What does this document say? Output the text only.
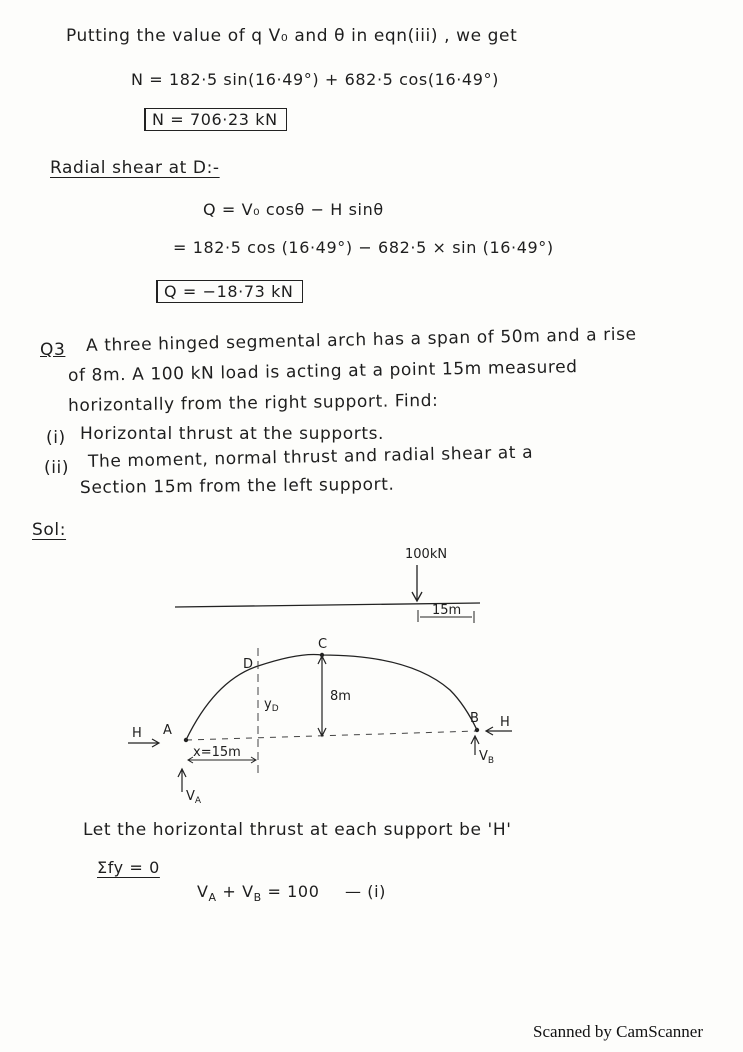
Putting the value of q V₀ and θ in eqn(iii) , we get
N = 182·5 sin(16·49°) + 682·5 cos(16·49°)
N = 706·23 kN
Radial shear at D:-
Q = V₀ cosθ − H sinθ
= 182·5 cos (16·49°) − 682·5 × sin (16·49°)
Q = −18·73 kN
Q3 A three hinged segmental arch has a span of 50m and a rise
of 8m. A 100 kN load is acting at a point 15m measured
horizontally from the right support. Find:
(i) Horizontal thrust at the supports.
(ii) The moment, normal thrust and radial shear at a
Section 15m from the left support.
Sol:
100kN
15m
8m
A
C
D
B
$y_D$
H
H
x=15m
$V_A$
$V_B$
Let the horizontal thrust at each support be 'H'
Σfy = 0
$V_A + V_B = 100$ — (i)
Scanned by CamScanner
